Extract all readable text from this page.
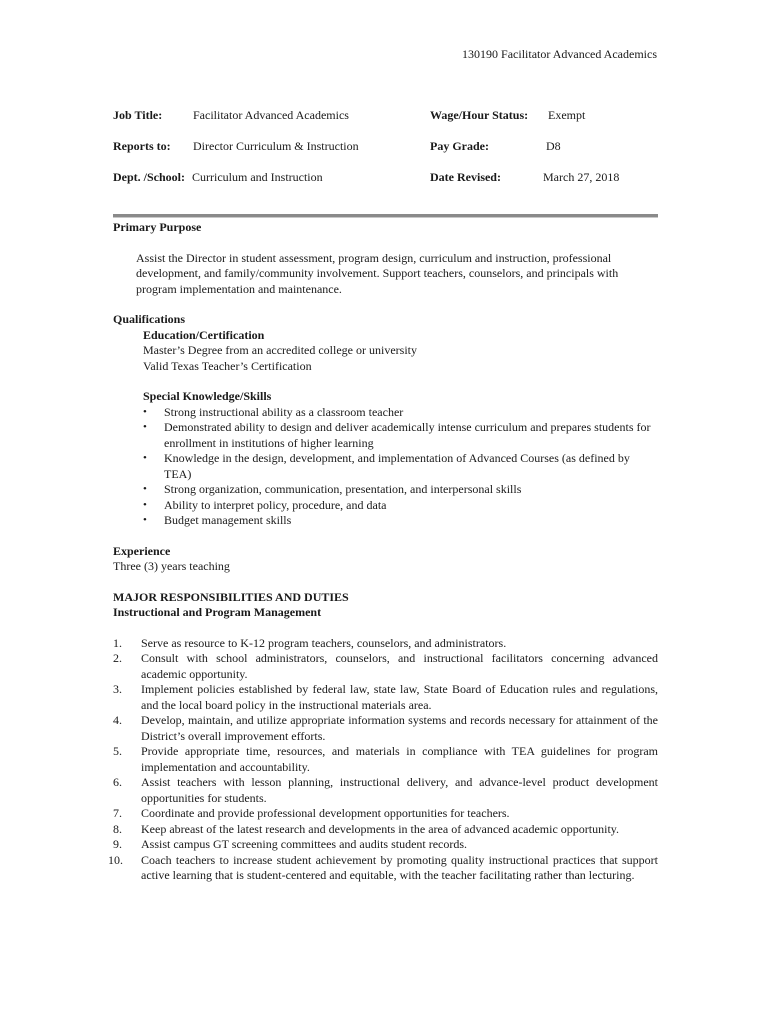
130190 Facilitator Advanced Academics
Job Title:	Facilitator Advanced Academics	Wage/Hour Status: Exempt
Reports to: Director Curriculum & Instruction	Pay Grade:	D8
Dept. /School: Curriculum and Instruction	Date Revised:	March 27, 2018

Primary Purpose

Assist the Director in student assessment, program design, curriculum and instruction, professional development, and family/community involvement. Support teachers, counselors, and principals with program implementation and maintenance.

Qualifications

Education/Certification

Master’s Degree from an accredited college or university

Valid Texas Teacher’s Certification

Special Knowledge/Skills

• Strong instructional ability as a classroom teacher
• Demonstrated ability to design and deliver academically intense curriculum and prepares students for enrollment in institutions of higher learning
• Knowledge in the design, development, and implementation of Advanced Courses (as defined by TEA)
• Strong organization, communication, presentation, and interpersonal skills
• Ability to interpret policy, procedure, and data
• Budget management skills

Experience

Three (3) years teaching

MAJOR RESPONSIBILITIES AND DUTIES

Instructional and Program Management

1. Serve as resource to K-12 program teachers, counselors, and administrators.
2. Consult with school administrators, counselors, and instructional facilitators concerning advanced academic opportunity.
3. Implement policies established by federal law, state law, State Board of Education rules and regulations, and the local board policy in the instructional materials area.
4. Develop, maintain, and utilize appropriate information systems and records necessary for attainment of the District’s overall improvement efforts.
5. Provide appropriate time, resources, and materials in compliance with TEA guidelines for program implementation and accountability.
6. Assist teachers with lesson planning, instructional delivery, and advance-level product development opportunities for students.
7. Coordinate and provide professional development opportunities for teachers.
8. Keep abreast of the latest research and developments in the area of advanced academic opportunity.
9. Assist campus GT screening committees and audits student records.
10. Coach teachers to increase student achievement by promoting quality instructional practices that support active learning that is student-centered and equitable, with the teacher facilitating rather than lecturing.
